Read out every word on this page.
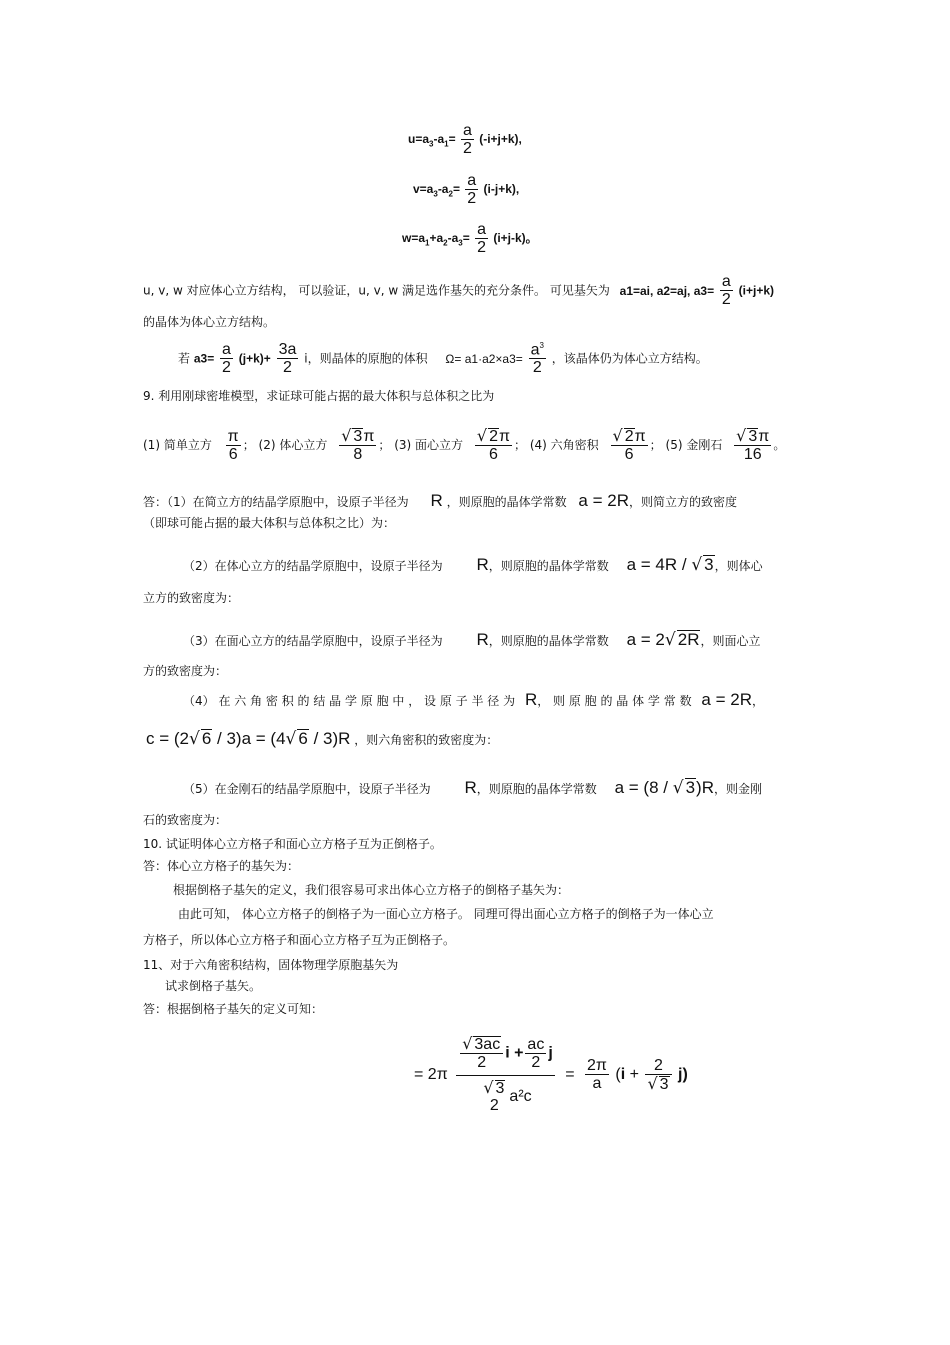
$u=a_3-a_1= \frac{a}{2} (-i+j+k)$,
$v=a_3-a_2= \frac{a}{2} (i-j+k)$,
$w=a_1+a_2-a_3= \frac{a}{2} (i+j-k)$。
u, v, w 对应体心立方结构， 可以验证，u, v, w 满足选作基矢的充分条件。 可见基矢为 a1=ai, a2=aj, $a3= \frac{a}{2} (i+j+k)$
的晶体为体心立方结构。
若 $a3= \frac{a}{2} (j+k)+ \frac{3a}{2}$ i，则晶体的原胞的体积 $\Omega= a1\cdot a2\times a3= \frac{a^3}{2}$ ，该晶体仍为体心立方结构。
9. 利用刚球密堆模型，求证球可能占据的最大体积与总体积之比为
(1) 简单立方 $\frac{\pi}{6}$ ； (2) 体心立方 $\frac{√ 3\pi}{8}$ ； (3) 面心立方 $\frac{√ 2\pi}{6}$ ； (4) 六角密积 $\frac{√ 2\pi}{6}$ ； (5) 金刚石 $\frac{√ 3\pi}{16}$ 。
答：（1）在简立方的结晶学原胞中，设原子半径为 R ，则原胞的晶体学常数 a = 2R，则简立方的致密度
（即球可能占据的最大体积与总体积之比）为：
（2）在体心立方的结晶学原胞中，设原子半径为 R，则原胞的晶体学常数 a = 4R / √ 3，则体心
立方的致密度为：
（3）在面心立方的结晶学原胞中，设原子半径为 R，则原胞的晶体学常数 a = 2√ 2R，则面心立
方的致密度为：
（4） 在 六 角 密 积 的 结 晶 学 原 胞 中 ， 设 原 子 半 径 为 R， 则 原 胞 的 晶 体 学 常 数 a = 2R，
c = (2√ 6 / 3)a = (4√ 6 / 3)R ，则六角密积的致密度为：
（5）在金刚石的结晶学原胞中，设原子半径为 R，则原胞的晶体学常数 a = (8 / √ 3)R，则金刚
石的致密度为：
10. 试证明体心立方格子和面心立方格子互为正倒格子。
答：体心立方格子的基矢为：
根据倒格子基矢的定义，我们很容易可求出体心立方格子的倒格子基矢为：
由此可知， 体心立方格子的倒格子为一面心立方格子。 同理可得出面心立方格子的倒格子为一体心立
方格子，所以体心立方格子和面心立方格子互为正倒格子。
11、对于六角密积结构，固体物理学原胞基矢为
试求倒格子基矢。
答：根据倒格子基矢的定义可知：
= $2\pi \frac{√ 3ac}{2}$ $i + \frac{ac}{2}$ j
√ 3
2
$a^2c = \frac{2\pi}{a} (i + \frac{2}{√ 3} j)$
